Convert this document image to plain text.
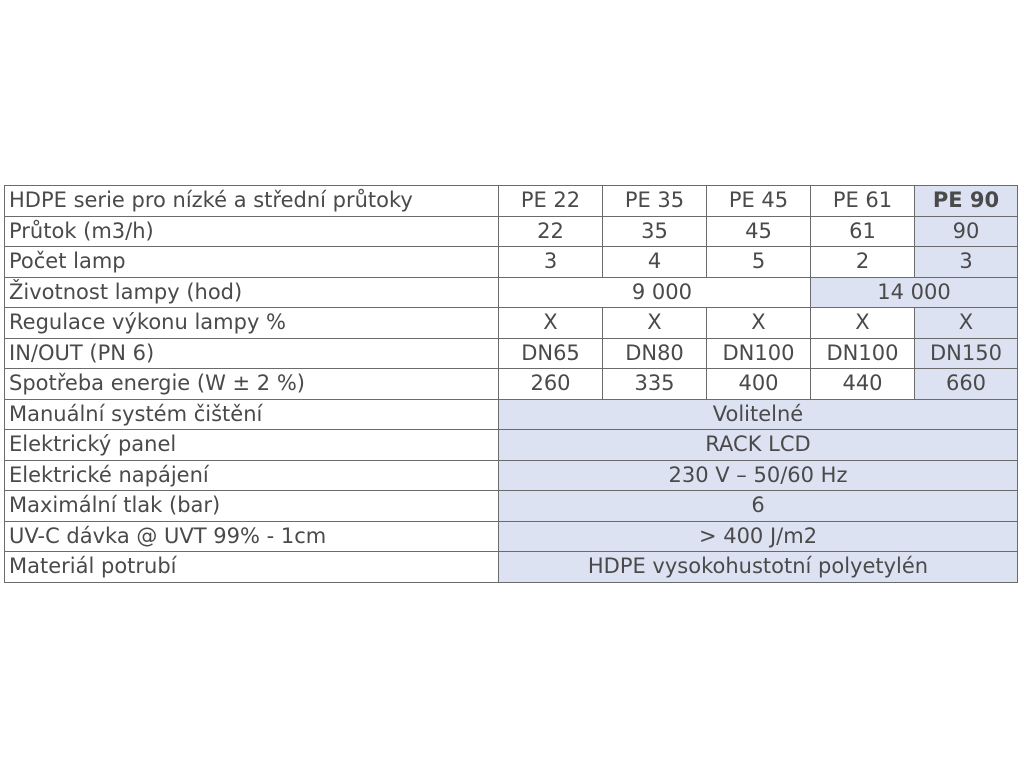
HDPE serie pro nízké a střední průtoky	PE 22	PE 35	PE 45	PE 61	PE 90
Průtok (m3/h)	22	35	45	61	90
Počet lamp	3	4	5	2	3
Životnost lampy (hod)	9 000			14 000	
Regulace výkonu lampy %	X	X	X	X	X
IN/OUT (PN 6)	DN65	DN80	DN100	DN100	DN150
Spotřeba energie (W ± 2 %)	260	335	400	440	660
Manuální systém čištění	Volitelné				
Elektrický panel	RACK LCD				
Elektrické napájení	230 V – 50/60 Hz				
Maximální tlak (bar)	6				
UV-C dávka @ UVT 99% - 1cm	> 400 J/m2				
Materiál potrubí	HDPE vysokohustotní polyetylén				
